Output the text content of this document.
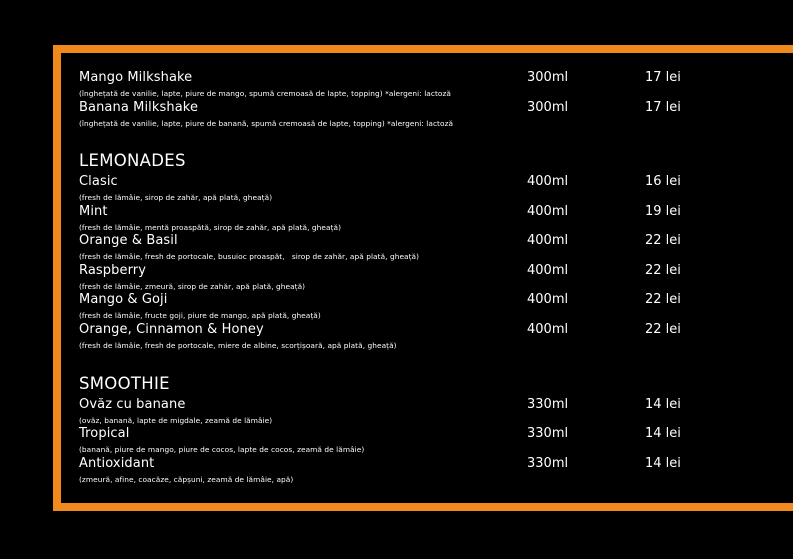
Mango Milkshake	300ml	17 lei
(înghețată de vanilie, lapte, piure de mango, spumă cremoasă de lapte, topping) *alergeni: lactoză
Banana Milkshake	300ml	17 lei
(înghețată de vanilie, lapte, piure de banană, spumă cremoasă de lapte, topping) *alergeni: lactoză
LEMONADES
Clasic	400ml	16 lei
(fresh de lămâie, sirop de zahăr, apă plată, gheață)
Mint	400ml	19 lei
(fresh de lămâie, mentă proaspătă, sirop de zahăr, apă plată, gheață)
Orange & Basil	400ml	22 lei
(fresh de lămâie, fresh de portocale, busuioc proaspăt,   sirop de zahăr, apă plată, gheață)
Raspberry	400ml	22 lei
(fresh de lămâie, zmeură, sirop de zahăr, apă plată, gheață)
Mango & Goji	400ml	22 lei
(fresh de lămâie, fructe goji, piure de mango, apă plată, gheață)
Orange, Cinnamon & Honey	400ml	22 lei
(fresh de lămâie, fresh de portocale, miere de albine, scorțișoară, apă plată, gheață)
SMOOTHIE
Ovăz cu banane	330ml	14 lei
(ovăz, banană, lapte de migdale, zeamă de lămâie)
Tropical	330ml	14 lei
(banană, piure de mango, piure de cocos, lapte de cocos, zeamă de lămâie)
Antioxidant	330ml	14 lei
(zmeură, afine, coacăze, căpșuni, zeamă de lămâie, apă)
